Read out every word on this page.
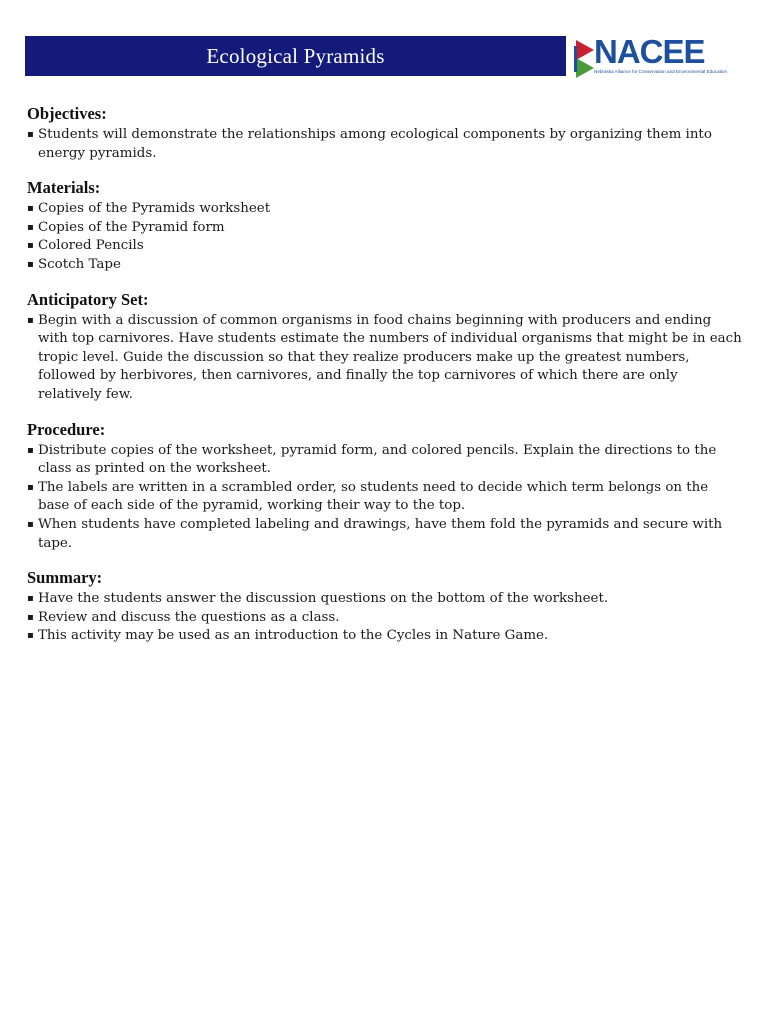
Ecological Pyramids	NACEE
Nebraska Alliance for Conservation and Environmental Education
Objectives:
▪ Students will demonstrate the relationships among ecological components by organizing them into energy pyramids.
Materials:
▪ Copies of the Pyramids worksheet
▪ Copies of the Pyramid form
▪ Colored Pencils
▪ Scotch Tape
Anticipatory Set:
▪ Begin with a discussion of common organisms in food chains beginning with producers and ending with top carnivores. Have students estimate the numbers of individual organisms that might be in each tropic level. Guide the discussion so that they realize producers make up the greatest numbers, followed by herbivores, then carnivores, and finally the top carnivores of which there are only relatively few.
Procedure:
▪ Distribute copies of the worksheet, pyramid form, and colored pencils. Explain the directions to the class as printed on the worksheet.
▪ The labels are written in a scrambled order, so students need to decide which term belongs on the base of each side of the pyramid, working their way to the top.
▪ When students have completed labeling and drawings, have them fold the pyramids and secure with tape.
Summary:
▪ Have the students answer the discussion questions on the bottom of the worksheet.
▪ Review and discuss the questions as a class.
▪ This activity may be used as an introduction to the Cycles in Nature Game.
